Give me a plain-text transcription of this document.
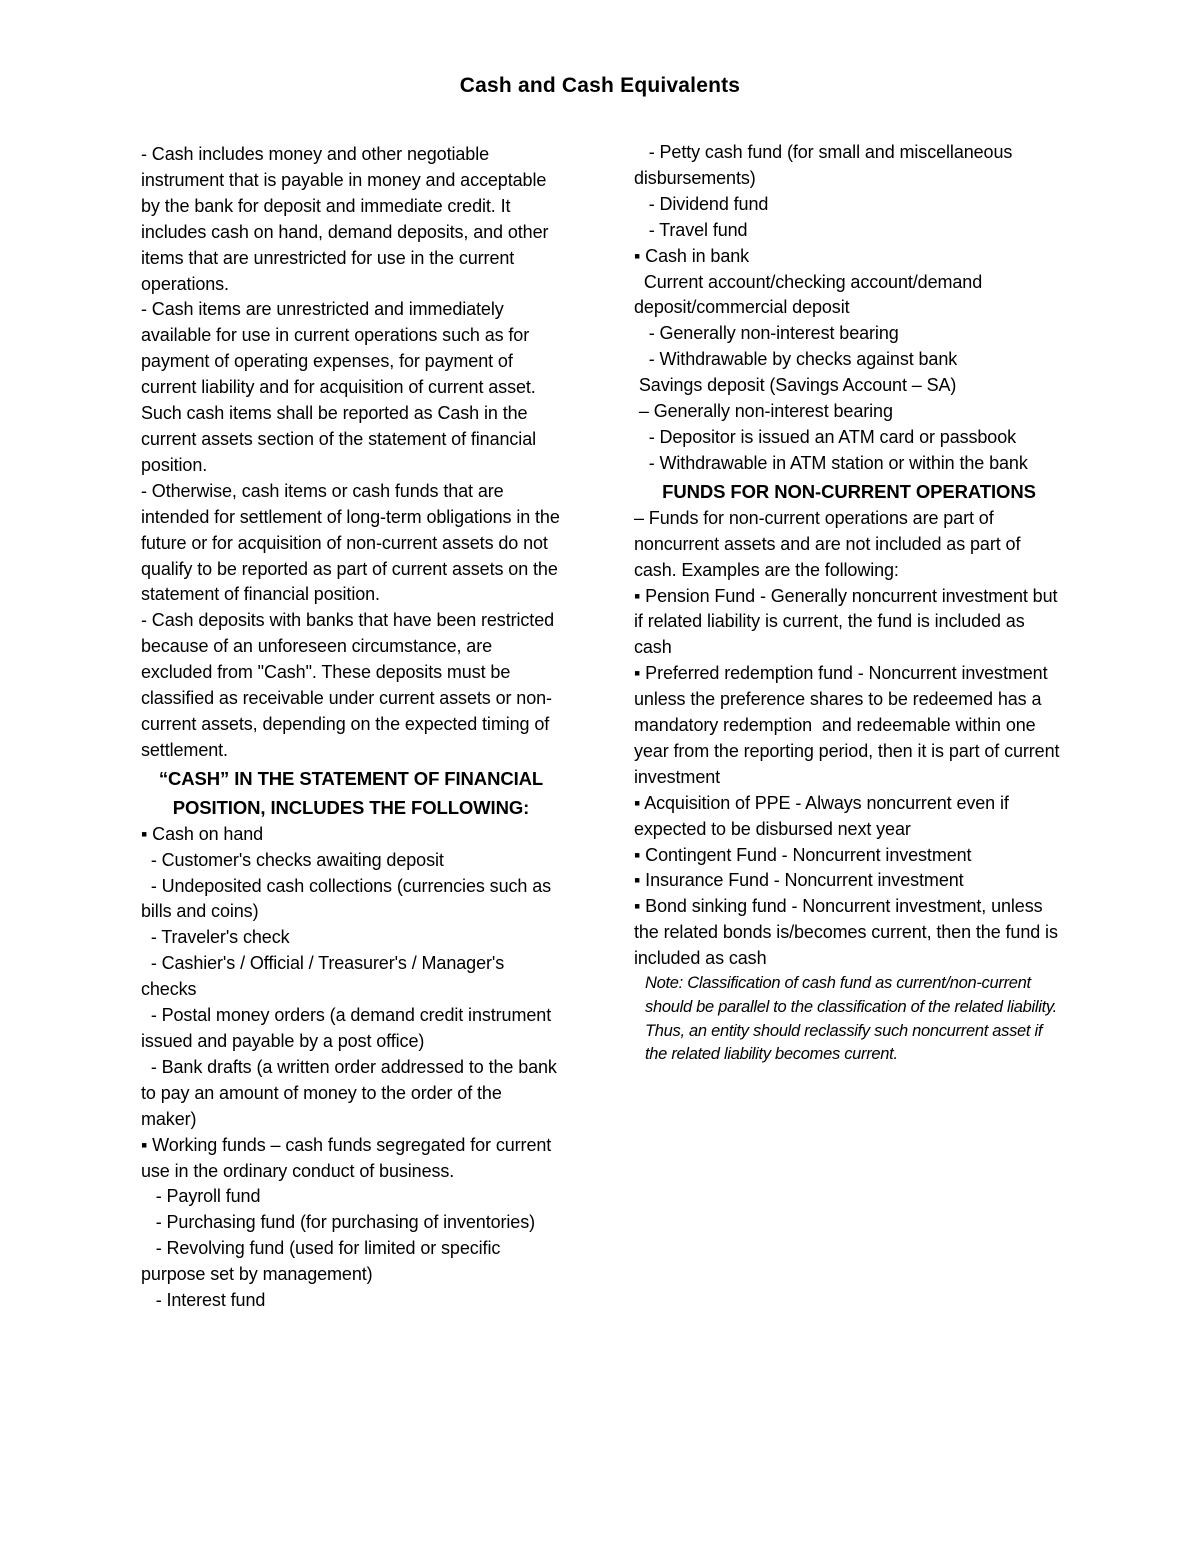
Cash and Cash Equivalents

- Cash includes money and other negotiable instrument that is payable in money and acceptable by the bank for deposit and immediate credit. It includes cash on hand, demand deposits, and other items that are unrestricted for use in the current operations.

- Cash items are unrestricted and immediately available for use in current operations such as for payment of operating expenses, for payment of current liability and for acquisition of current asset. Such cash items shall be reported as Cash in the current assets section of the statement of financial position.

- Otherwise, cash items or cash funds that are intended for settlement of long-term obligations in the future or for acquisition of non-current assets do not qualify to be reported as part of current assets on the statement of financial position.

- Cash deposits with banks that have been restricted because of an unforeseen circumstance, are excluded from "Cash". These deposits must be classified as receivable under current assets or non-current assets, depending on the expected timing of settlement.

“CASH” IN THE STATEMENT OF FINANCIAL POSITION, INCLUDES THE FOLLOWING:

▪ Cash on hand

- Customer's checks awaiting deposit

- Undeposited cash collections (currencies such as bills and coins)

- Traveler's check

- Cashier's / Official / Treasurer's / Manager's checks

- Postal money orders (a demand credit instrument issued and payable by a post office)

- Bank drafts (a written order addressed to the bank to pay an amount of money to the order of the maker)

▪ Working funds – cash funds segregated for current use in the ordinary conduct of business.

- Payroll fund

- Purchasing fund (for purchasing of inventories)

- Revolving fund (used for limited or specific purpose set by management)

- Interest fund

- Petty cash fund (for small and miscellaneous disbursements)

- Dividend fund

- Travel fund

▪ Cash in bank

Current account/checking account/demand deposit/commercial deposit

- Generally non-interest bearing

- Withdrawable by checks against bank

Savings deposit (Savings Account – SA)

– Generally non-interest bearing

- Depositor is issued an ATM card or passbook

- Withdrawable in ATM station or within the bank

FUNDS FOR NON-CURRENT OPERATIONS

– Funds for non-current operations are part of noncurrent assets and are not included as part of cash. Examples are the following:

▪ Pension Fund - Generally noncurrent investment but if related liability is current, the fund is included as cash

▪ Preferred redemption fund - Noncurrent investment unless the preference shares to be redeemed has a mandatory redemption  and redeemable within one year from the reporting period, then it is part of current investment

▪ Acquisition of PPE - Always noncurrent even if expected to be disbursed next year

▪ Contingent Fund - Noncurrent investment

▪ Insurance Fund - Noncurrent investment

▪ Bond sinking fund - Noncurrent investment, unless the related bonds is/becomes current, then the fund is included as cash

Note: Classification of cash fund as current/non-current should be parallel to the classification of the related liability. Thus, an entity should reclassify such noncurrent asset if the related liability becomes current.
